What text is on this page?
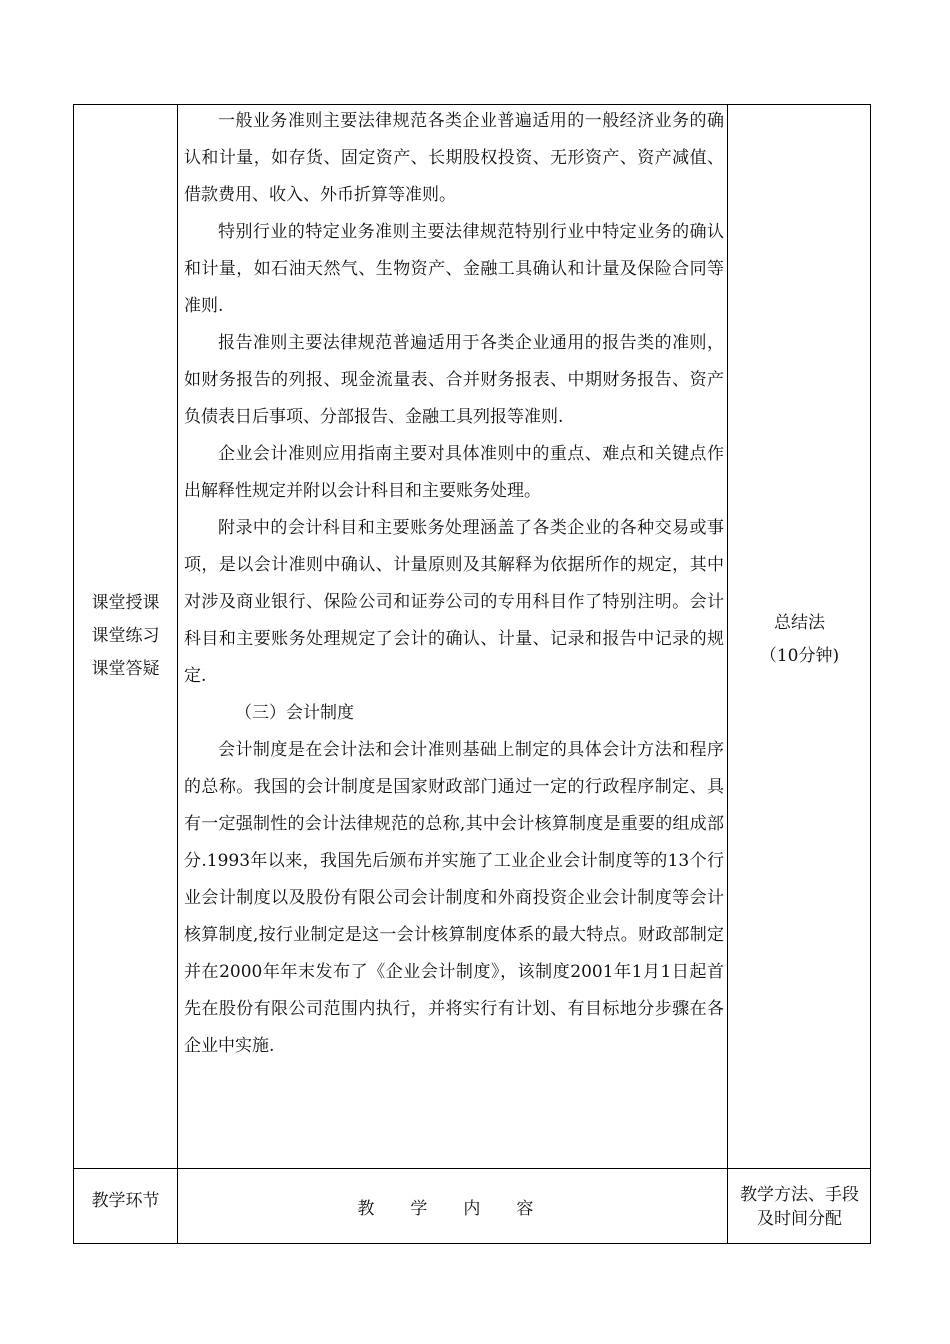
课堂授课
课堂练习
课堂答疑

一般业务准则主要法律规范各类企业普遍适用的一般经济业务的确认和计量，如存货、固定资产、长期股权投资、无形资产、资产减值、借款费用、收入、外币折算等准则。

特别行业的特定业务准则主要法律规范特别行业中特定业务的确认和计量，如石油天然气、生物资产、金融工具确认和计量及保险合同等准则.

报告准则主要法律规范普遍适用于各类企业通用的报告类的准则，如财务报告的列报、现金流量表、合并财务报表、中期财务报告、资产负债表日后事项、分部报告、金融工具列报等准则.

企业会计准则应用指南主要对具体准则中的重点、难点和关键点作出解释性规定并附以会计科目和主要账务处理。

附录中的会计科目和主要账务处理涵盖了各类企业的各种交易或事项，是以会计准则中确认、计量原则及其解释为依据所作的规定，其中对涉及商业银行、保险公司和证券公司的专用科目作了特别注明。会计科目和主要账务处理规定了会计的确认、计量、记录和报告中记录的规定.

（三）会计制度

会计制度是在会计法和会计准则基础上制定的具体会计方法和程序的总称。我国的会计制度是国家财政部门通过一定的行政程序制定、具有一定强制性的会计法律规范的总称,其中会计核算制度是重要的组成部分.1993年以来，我国先后颁布并实施了工业企业会计制度等的13个行业会计制度以及股份有限公司会计制度和外商投资企业会计制度等会计核算制度,按行业制定是这一会计核算制度体系的最大特点。财政部制定并在2000年年末发布了《企业会计制度》，该制度2001年1月1日起首先在股份有限公司范围内执行，并将实行有计划、有目标地分步骤在各企业中实施.

总结法
（10分钟)
教学环节	教 学 内 容
教学方法、手段
及时间分配
